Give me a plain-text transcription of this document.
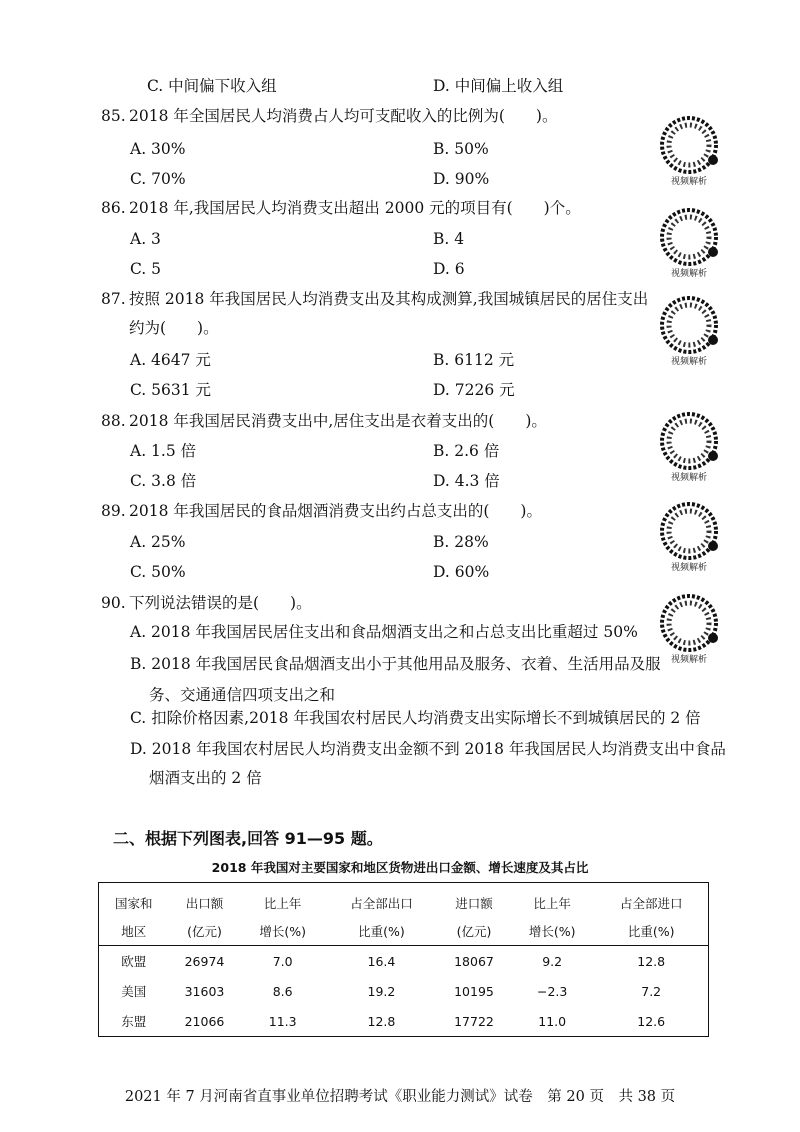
C. 中间偏下收入组	D. 中间偏上收入组
85. 2018 年全国居民人均消费占人均可支配收入的比例为(　　)。
A. 30%	B. 50%
C. 70%	D. 90%
86. 2018 年,我国居民人均消费支出超出 2000 元的项目有(　　)个。
A. 3	B. 4
C. 5	D. 6
87. 按照 2018 年我国居民人均消费支出及其构成测算,我国城镇居民的居住支出
约为(　　)。
A. 4647 元	B. 6112 元
C. 5631 元	D. 7226 元
88. 2018 年我国居民消费支出中,居住支出是衣着支出的(　　)。
A. 1.5 倍	B. 2.6 倍
C. 3.8 倍	D. 4.3 倍
89. 2018 年我国居民的食品烟酒消费支出约占总支出的(　　)。
A. 25%	B. 28%
C. 50%	D. 60%
90. 下列说法错误的是(　　)。
A. 2018 年我国居民居住支出和食品烟酒支出之和占总支出比重超过 50%
B. 2018 年我国居民食品烟酒支出小于其他用品及服务、衣着、生活用品及服
务、交通通信四项支出之和
C. 扣除价格因素,2018 年我国农村居民人均消费支出实际增长不到城镇居民的 2 倍
D. 2018 年我国农村居民人均消费支出金额不到 2018 年我国居民人均消费支出中食品
烟酒支出的 2 倍
视频解析
视频解析
视频解析
视频解析
视频解析
视频解析
二、根据下列图表,回答 91—95 题。
2018 年我国对主要国家和地区货物进出口金额、增长速度及其占比
国家和	出口额	比上年	占全部出口	进口额	比上年	占全部进口
地区	(亿元)	增长(%)	比重(%)	(亿元)	增长(%)	比重(%)
欧盟	26974	7.0	16.4	18067	9.2	12.8
美国	31603	8.6	19.2	10195	−2.3	7.2
东盟	21066	11.3	12.8	17722	11.0	12.6
2021 年 7 月河南省直事业单位招聘考试《职业能力测试》试卷　第 20 页　共 38 页
